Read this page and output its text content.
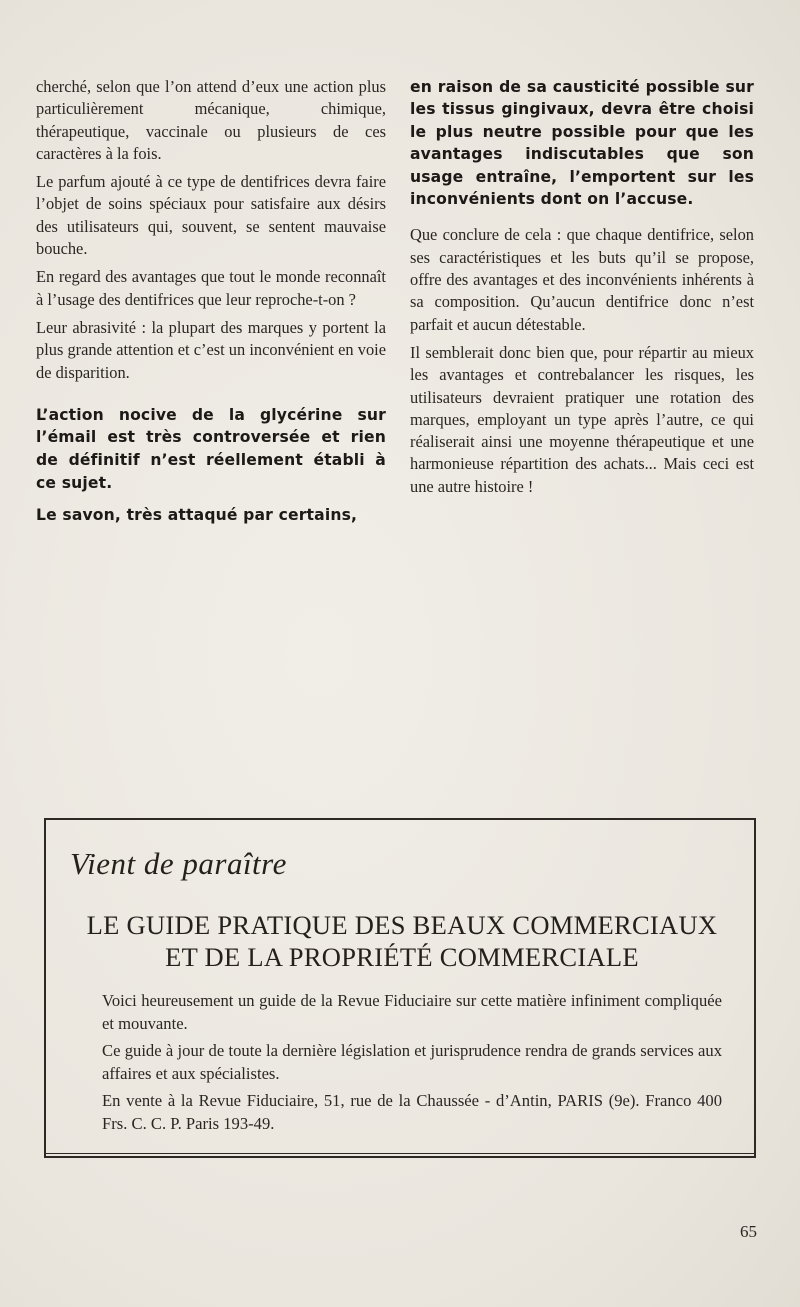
cherché, selon que l’on attend d’eux une action plus particulièrement mécanique, chimique, thérapeutique, vaccinale ou plusieurs de ces caractères à la fois.

Le parfum ajouté à ce type de dentifrices devra faire l’objet de soins spéciaux pour satisfaire aux désirs des utilisateurs qui, souvent, se sentent mauvaise bouche.

En regard des avantages que tout le monde reconnaît à l’usage des dentifrices que leur reproche-t-on ?

Leur abrasivité : la plupart des marques y portent la plus grande attention et c’est un inconvénient en voie de disparition.

L’action nocive de la glycérine sur l’émail est très controversée et rien de définitif n’est réellement établi à ce sujet.

Le savon, très attaqué par certains,

en raison de sa causticité possible sur les tissus gingivaux, devra être choisi le plus neutre possible pour que les avantages indiscutables que son usage entraîne, l’emportent sur les inconvénients dont on l’accuse.

Que conclure de cela : que chaque dentifrice, selon ses caractéristiques et les buts qu’il se propose, offre des avantages et des inconvénients inhérents à sa composition. Qu’aucun dentifrice donc n’est parfait et aucun détestable.

Il semblerait donc bien que, pour répartir au mieux les avantages et contrebalancer les risques, les utilisateurs devraient pratiquer une rotation des marques, employant un type après l’autre, ce qui réaliserait ainsi une moyenne thérapeutique et une harmonieuse répartition des achats... Mais ceci est une autre histoire !

Vient de paraître
LE GUIDE PRATIQUE DES BEAUX COMMERCIAUX
ET DE LA PROPRIÉTÉ COMMERCIALE
Voici heureusement un guide de la Revue Fiduciaire sur cette matière infiniment compliquée et mouvante.
Ce guide à jour de toute la dernière législation et jurisprudence rendra de grands services aux affaires et aux spécialistes.
En vente à la Revue Fiduciaire, 51, rue de la Chaussée - d’Antin, PARIS (9e). Franco 400 Frs. C. C. P. Paris 193-49.
65
